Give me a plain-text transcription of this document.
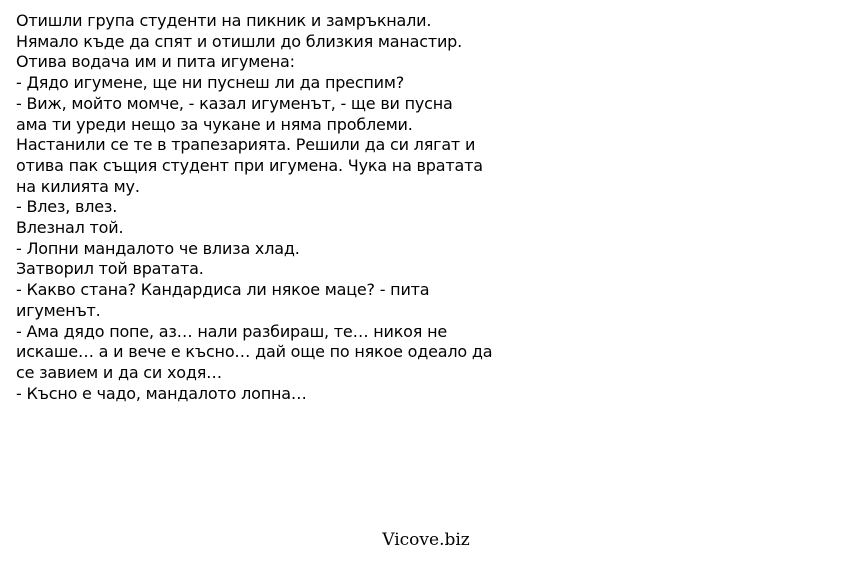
Отишли група студенти на пикник и замръкнали.
Нямало къде да спят и отишли до близкия манастир.
Отива водача им и пита игумена:
- Дядо игумене, ще ни пуснеш ли да преспим?
- Виж, мойто момче, - казал игуменът, - ще ви пусна
ама ти уреди нещо за чукане и няма проблеми.
Настанили се те в трапезарията. Решили да си лягат и
отива пак същия студент при игумена. Чука на вратата
на килията му.
- Влез, влез.
Влезнал той.
- Лопни мандалото че влиза хлад.
Затворил той вратата.
- Какво стана? Кандардиса ли някое маце? - пита
игуменът.
- Ама дядо попе, аз… нали разбираш, те… никоя не
искаше… а и вече е късно… дай още по някое одеало да
се завием и да си ходя…
- Късно е чадо, мандалото лопна…
Vicove.biz
